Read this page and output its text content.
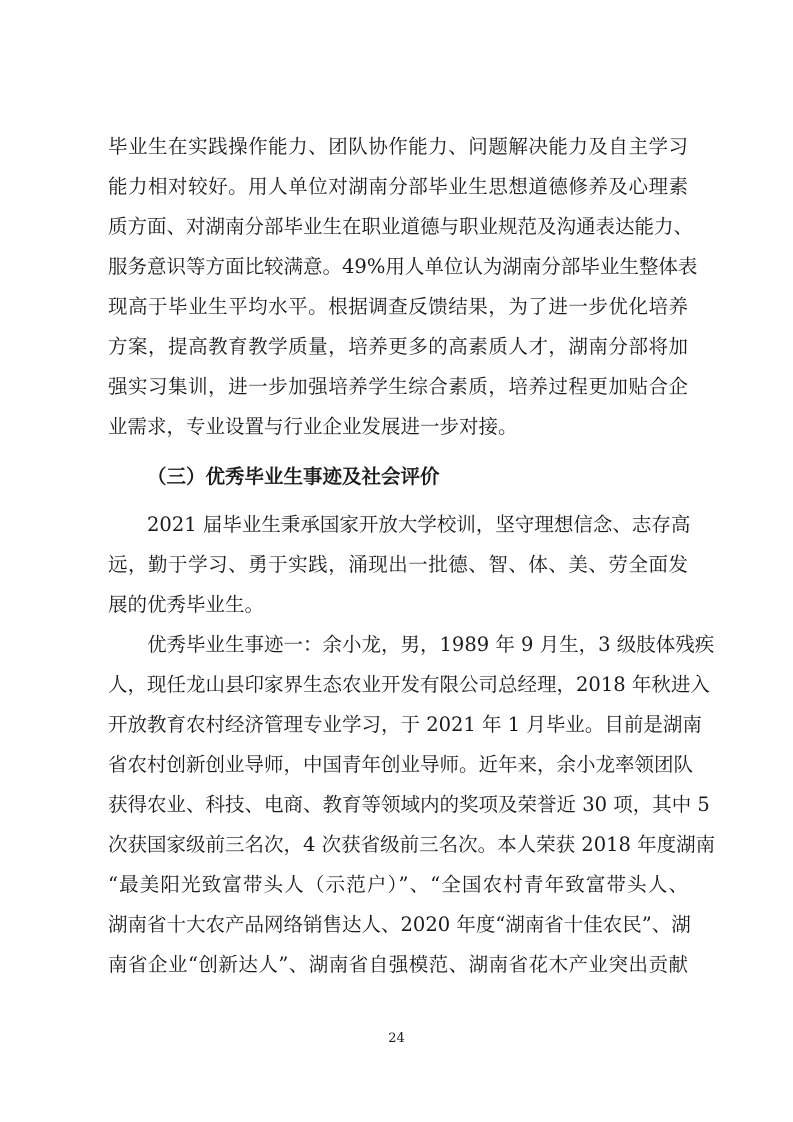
毕业生在实践操作能力、团队协作能力、问题解决能力及自主学习
能力相对较好。用人单位对湖南分部毕业生思想道德修养及心理素
质方面、对湖南分部毕业生在职业道德与职业规范及沟通表达能力、
服务意识等方面比较满意。49%用人单位认为湖南分部毕业生整体表
现高于毕业生平均水平。根据调查反馈结果，为了进一步优化培养
方案，提高教育教学质量，培养更多的高素质人才，湖南分部将加
强实习集训，进一步加强培养学生综合素质，培养过程更加贴合企
业需求，专业设置与行业企业发展进一步对接。
（三）优秀毕业生事迹及社会评价
2021 届毕业生秉承国家开放大学校训，坚守理想信念、志存高
远，勤于学习、勇于实践，涌现出一批德、智、体、美、劳全面发
展的优秀毕业生。
优秀毕业生事迹一：余小龙，男，1989 年 9 月生，3 级肢体残疾
人，现任龙山县印家界生态农业开发有限公司总经理，2018 年秋进入
开放教育农村经济管理专业学习，于 2021 年 1 月毕业。目前是湖南
省农村创新创业导师，中国青年创业导师。近年来，余小龙率领团队
获得农业、科技、电商、教育等领域内的奖项及荣誉近 30 项，其中 5
次获国家级前三名次，4 次获省级前三名次。本人荣获 2018 年度湖南
“最美阳光致富带头人（示范户）”、“全国农村青年致富带头人、
湖南省十大农产品网络销售达人、2020 年度“湖南省十佳农民”、湖
南省企业“创新达人”、湖南省自强模范、湖南省花木产业突出贡献
24
